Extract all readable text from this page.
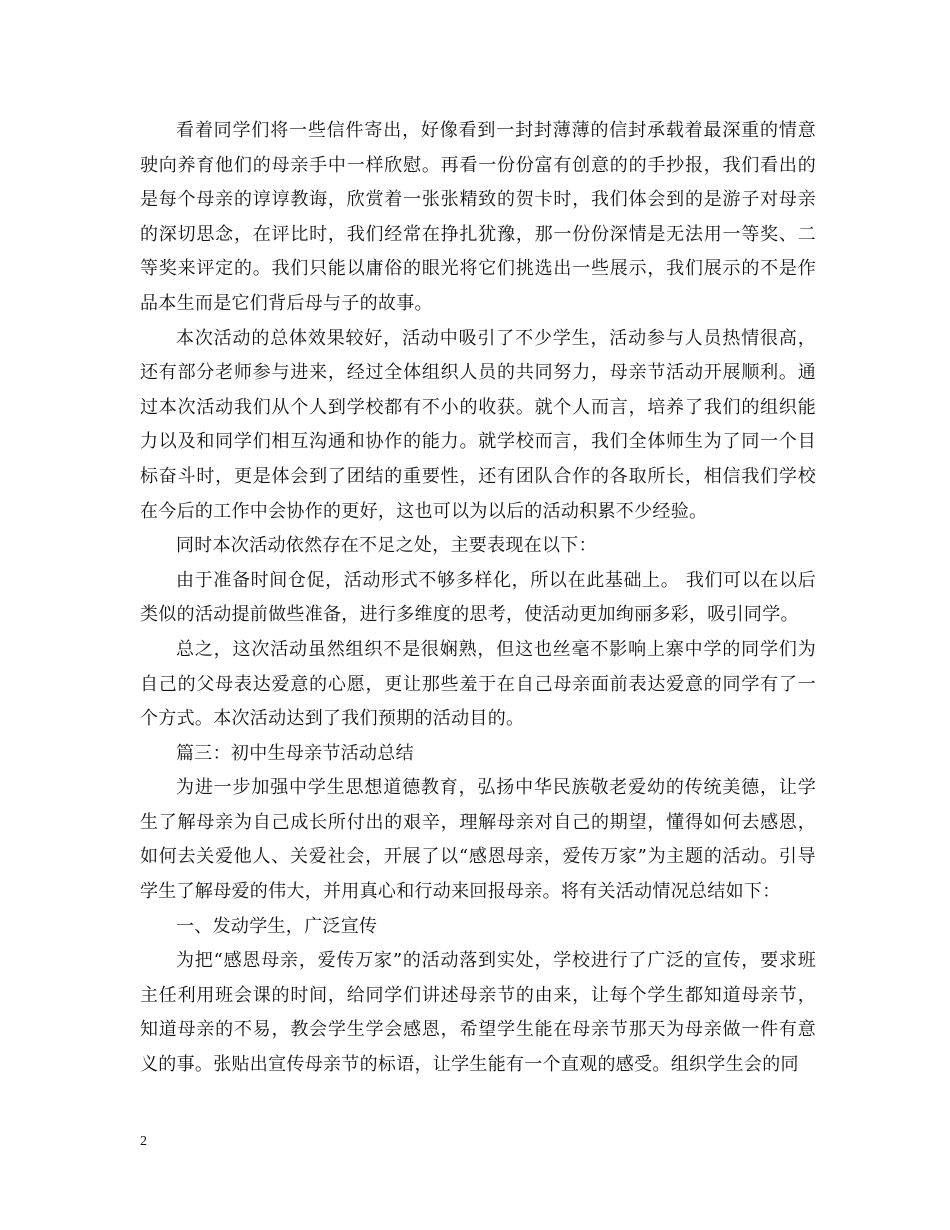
看着同学们将一些信件寄出，好像看到一封封薄薄的信封承载着最深重的情意驶向养育他们的母亲手中一样欣慰。再看一份份富有创意的的手抄报，我们看出的是每个母亲的谆谆教诲，欣赏着一张张精致的贺卡时，我们体会到的是游子对母亲的深切思念，在评比时，我们经常在挣扎犹豫，那一份份深情是无法用一等奖、二等奖来评定的。我们只能以庸俗的眼光将它们挑选出一些展示，我们展示的不是作品本生而是它们背后母与子的故事。

本次活动的总体效果较好，活动中吸引了不少学生，活动参与人员热情很高，还有部分老师参与进来，经过全体组织人员的共同努力，母亲节活动开展顺利。通过本次活动我们从个人到学校都有不小的收获。就个人而言，培养了我们的组织能力以及和同学们相互沟通和协作的能力。就学校而言，我们全体师生为了同一个目标奋斗时，更是体会到了团结的重要性，还有团队合作的各取所长，相信我们学校在今后的工作中会协作的更好，这也可以为以后的活动积累不少经验。

同时本次活动依然存在不足之处，主要表现在以下：

由于准备时间仓促，活动形式不够多样化，所以在此基础上。 我们可以在以后类似的活动提前做些准备，进行多维度的思考，使活动更加绚丽多彩，吸引同学。

总之，这次活动虽然组织不是很娴熟，但这也丝毫不影响上寨中学的同学们为自己的父母表达爱意的心愿，更让那些羞于在自己母亲面前表达爱意的同学有了一个方式。本次活动达到了我们预期的活动目的。

篇三：初中生母亲节活动总结

为进一步加强中学生思想道德教育，弘扬中华民族敬老爱幼的传统美德，让学生了解母亲为自己成长所付出的艰辛，理解母亲对自己的期望，懂得如何去感恩，如何去关爱他人、关爱社会，开展了以“感恩母亲，爱传万家”为主题的活动。引导学生了解母爱的伟大，并用真心和行动来回报母亲。将有关活动情况总结如下：

一、发动学生，广泛宣传

为把“感恩母亲，爱传万家”的活动落到实处，学校进行了广泛的宣传，要求班主任利用班会课的时间，给同学们讲述母亲节的由来，让每个学生都知道母亲节，知道母亲的不易，教会学生学会感恩，希望学生能在母亲节那天为母亲做一件有意义的事。张贴出宣传母亲节的标语，让学生能有一个直观的感受。组织学生会的同

2
